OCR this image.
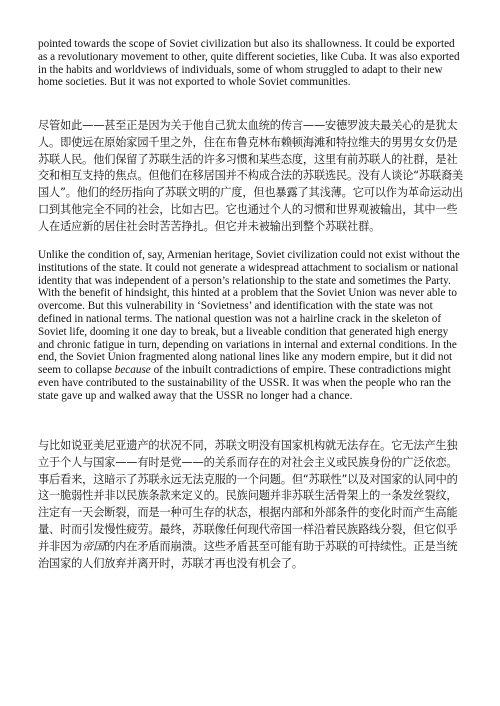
pointed towards the scope of Soviet civilization but also its shallowness. It could be exported as a revolutionary movement to other, quite different societies, like Cuba. It was also exported in the habits and worldviews of individuals, some of whom struggled to adapt to their new home societies. But it was not exported to whole Soviet communities.

尽管如此——甚至正是因为关于他自己犹太血统的传言——安德罗波夫最关心的是犹太人。即使远在原始家园千里之外，住在布鲁克林布赖顿海滩和特拉维夫的男男女女仍是苏联人民。他们保留了苏联生活的许多习惯和某些态度，这里有前苏联人的社群，是社交和相互支持的焦点。但他们在移居国并不构成合法的苏联选民。没有人谈论“苏联裔美国人”。他们的经历指向了苏联文明的广度，但也暴露了其浅薄。它可以作为革命运动出口到其他完全不同的社会，比如古巴。它也通过个人的习惯和世界观被输出，其中一些人在适应新的居住社会时苦苦挣扎。但它并未被输出到整个苏联社群。

Unlike the condition of, say, Armenian heritage, Soviet civilization could not exist without the institutions of the state. It could not generate a widespread attachment to socialism or national identity that was independent of a person’s relationship to the state and sometimes the Party. With the benefit of hindsight, this hinted at a problem that the Soviet Union was never able to overcome. But this vulnerability in ‘Sovietness’ and identification with the state was not defined in national terms. The national question was not a hairline crack in the skeleton of Soviet life, dooming it one day to break, but a liveable condition that generated high energy and chronic fatigue in turn, depending on variations in internal and external conditions. In the end, the Soviet Union fragmented along national lines like any modern empire, but it did not seem to collapse because of the inbuilt contradictions of empire. These contradictions might even have contributed to the sustainability of the USSR. It was when the people who ran the state gave up and walked away that the USSR no longer had a chance.

与比如说亚美尼亚遗产的状况不同，苏联文明没有国家机构就无法存在。它无法产生独立于个人与国家——有时是党——的关系而存在的对社会主义或民族身份的广泛依恋。事后看来，这暗示了苏联永远无法克服的一个问题。但“苏联性”以及对国家的认同中的这一脆弱性并非以民族条款来定义的。民族问题并非苏联生活骨架上的一条发丝裂纹，注定有一天会断裂，而是一种可生存的状态，根据内部和外部条件的变化时而产生高能量、时而引发慢性疲劳。最终，苏联像任何现代帝国一样沿着民族路线分裂，但它似乎并非因为帝国的内在矛盾而崩溃。这些矛盾甚至可能有助于苏联的可持续性。正是当统治国家的人们放弃并离开时，苏联才再也没有机会了。
